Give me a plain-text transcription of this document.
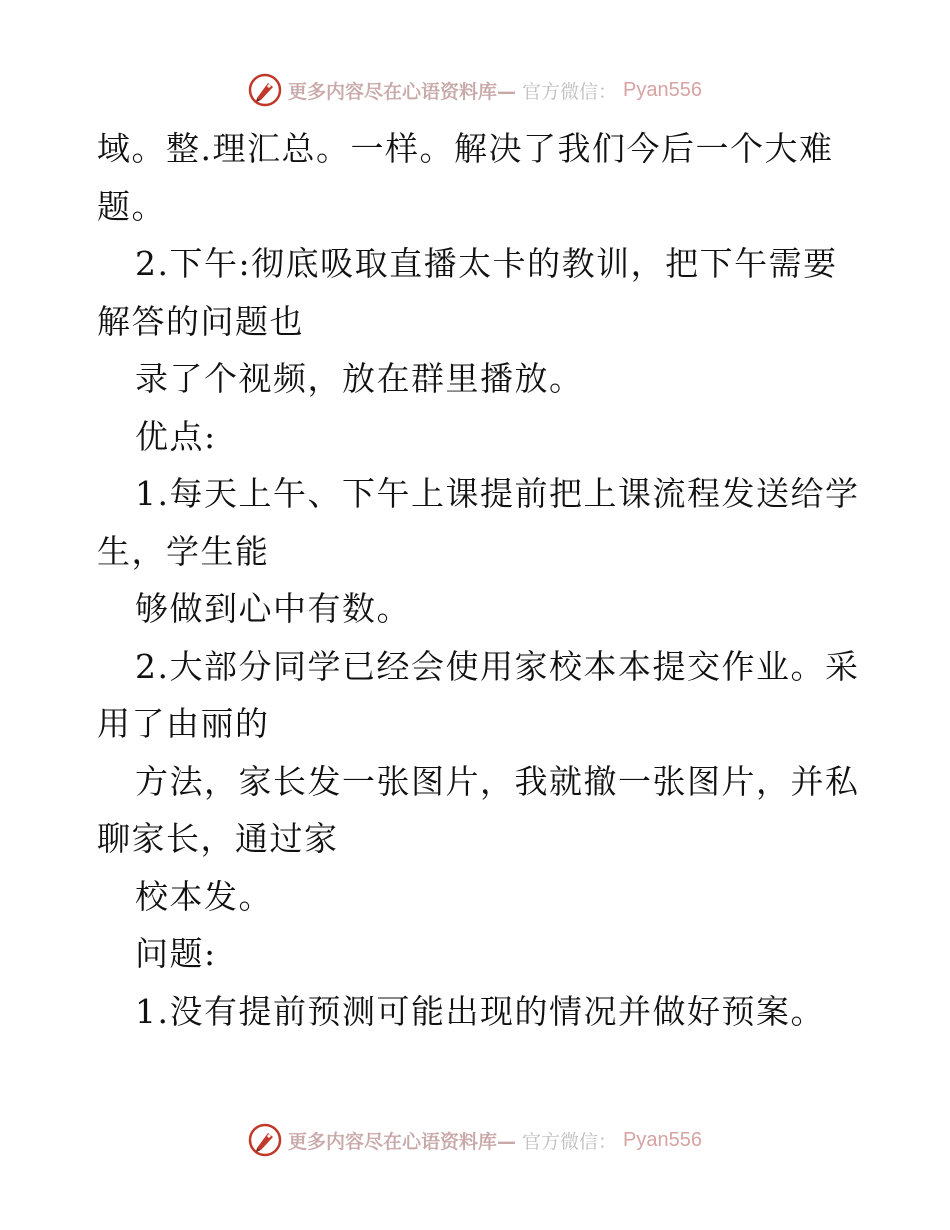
更多内容尽在心语资料库— 官方微信： Pyan556
域。整.理汇总。一样。解决了我们今后一个大难
题。
2.下午:彻底吸取直播太卡的教训，把下午需要
解答的问题也
录了个视频，放在群里播放。
优点:
1.每天上午、下午上课提前把上课流程发送给学
生，学生能
够做到心中有数。
2.大部分同学已经会使用家校本本提交作业。采
用了由丽的
方法，家长发一张图片，我就撤一张图片，并私
聊家长，通过家
校本发。
问题:
1.没有提前预测可能出现的情况并做好预案。
更多内容尽在心语资料库— 官方微信： Pyan556
